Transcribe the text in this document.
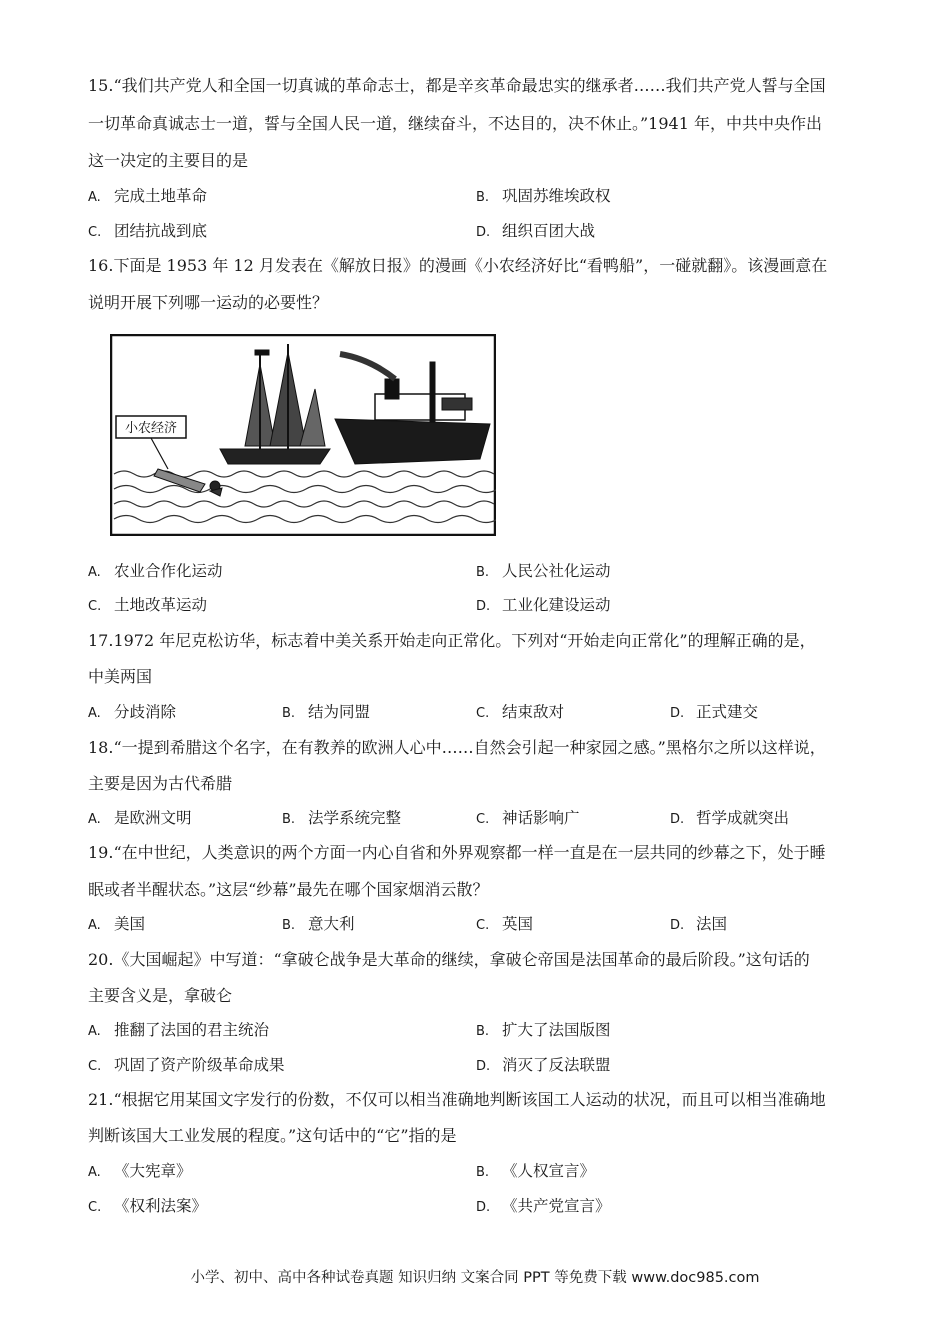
15.“我们共产党人和全国一切真诚的革命志士，都是辛亥革命最忠实的继承者……我们共产党人誓与全国
一切革命真诚志士一道，誓与全国人民一道，继续奋斗，不达目的，决不休止。”1941 年，中共中央作出
这一决定的主要目的是
A. 完成土地革命	B. 巩固苏维埃政权
C. 团结抗战到底	D. 组织百团大战
16.下面是 1953 年 12 月发表在《解放日报》的漫画《小农经济好比“看鸭船”，一碰就翻》。该漫画意在
说明开展下列哪一运动的必要性？
小农经济
A. 农业合作化运动	B. 人民公社化运动
C. 土地改革运动	D. 工业化建设运动
17.1972 年尼克松访华，标志着中美关系开始走向正常化。下列对“开始走向正常化”的理解正确的是，
中美两国
A. 分歧消除	B. 结为同盟	C. 结束敌对	D. 正式建交
18.“一提到希腊这个名字，在有教养的欧洲人心中……自然会引起一种家园之感。”黑格尔之所以这样说，
主要是因为古代希腊
A. 是欧洲文明	B. 法学系统完整	C. 神话影响广	D. 哲学成就突出
19.“在中世纪，人类意识的两个方面一内心自省和外界观察都一样一直是在一层共同的纱幕之下，处于睡
眠或者半醒状态。”这层“纱幕”最先在哪个国家烟消云散？
A. 美国	B. 意大利	C. 英国	D. 法国
20.《大国崛起》中写道：“拿破仑战争是大革命的继续，拿破仑帝国是法国革命的最后阶段。”这句话的
主要含义是，拿破仑
A. 推翻了法国的君主统治	B. 扩大了法国版图
C. 巩固了资产阶级革命成果	D. 消灭了反法联盟
21.“根据它用某国文字发行的份数，不仅可以相当准确地判断该国工人运动的状况，而且可以相当准确地
判断该国大工业发展的程度。”这句话中的“它”指的是
A. 《大宪章》	B. 《人权宣言》
C. 《权利法案》	D. 《共产党宣言》
小学、初中、高中各种试卷真题 知识归纳 文案合同 PPT 等免费下载 www.doc985.com
